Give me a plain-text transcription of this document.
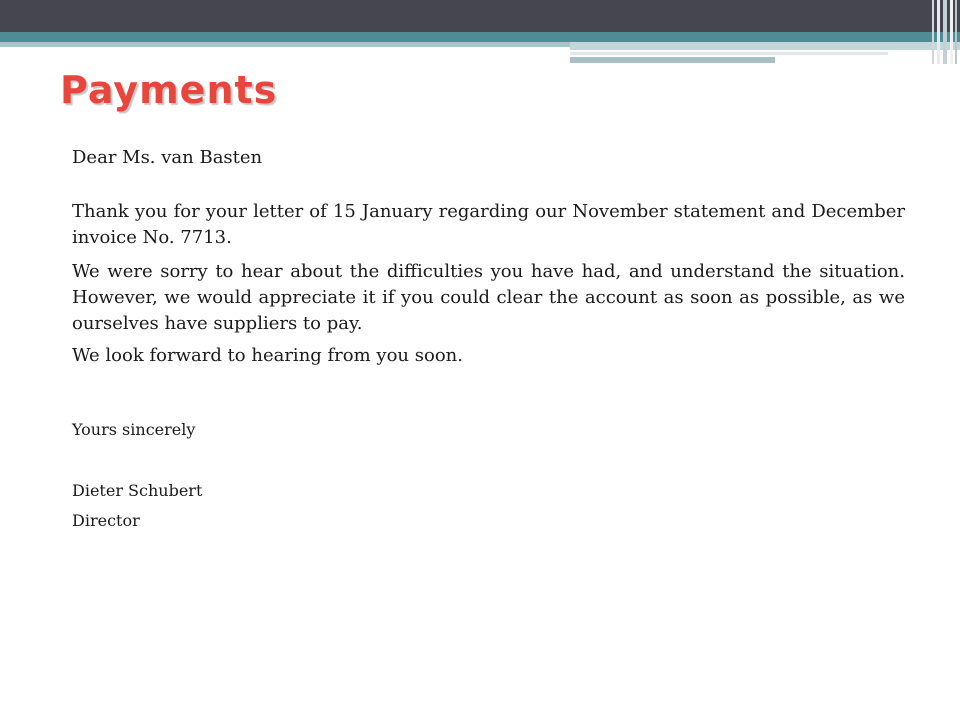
Payments

Dear Ms. van Basten

Thank you for your letter of 15 January regarding our November statement and December invoice No. 7713.

We were sorry to hear about the difficulties you have had, and understand the situation. However, we would appreciate it if you could clear the account as soon as possible, as we ourselves have suppliers to pay.

We look forward to hearing from you soon.

Yours sincerely

Dieter Schubert

Director
